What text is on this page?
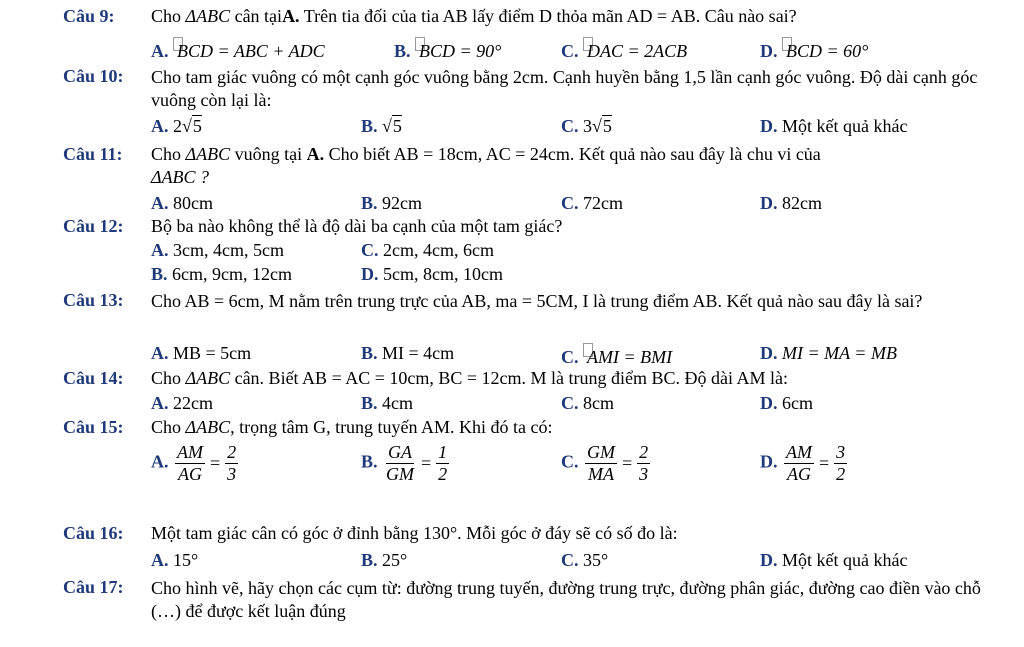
Câu 9: Cho ΔABC cân tạiA. Trên tia đối của tia AB lấy điểm D thỏa mãn AD = AB. Câu nào sai?
A. BCD = ABC + ADC	B. BCD = 90°	C. DAC = 2ACB	D. BCD = 60°
Câu 10: Cho tam giác vuông có một cạnh góc vuông bằng 2cm. Cạnh huyền bằng 1,5 lần cạnh góc vuông. Độ dài cạnh góc vuông còn lại là:
A. 2√5	B. √5	C. 3√5	D. Một kết quả khác
Câu 11: Cho ΔABC vuông tại A. Cho biết AB = 18cm, AC = 24cm. Kết quả nào sau đây là chu vi của
ΔABC ?
A. 80cm	B. 92cm	C. 72cm	D. 82cm
Câu 12: Bộ ba nào không thể là độ dài ba cạnh của một tam giác?
A. 3cm, 4cm, 5cm	C. 2cm, 4cm, 6cm
B. 6cm, 9cm, 12cm	D. 5cm, 8cm, 10cm
Câu 13: Cho AB = 6cm, M nằm trên trung trực của AB, ma = 5CM, I là trung điểm AB. Kết quả nào sau đây là sai?
A. MB = 5cm	B. MI = 4cm	C. AMI = BMI	D. MI = MA = MB
Câu 14: Cho ΔABC cân. Biết AB = AC = 10cm, BC = 12cm. M là trung điểm BC. Độ dài AM là:
A. 22cm	B. 4cm	C. 8cm	D. 6cm
Câu 15: Cho ΔABC, trọng tâm G, trung tuyến AM. Khi đó ta có:
A. $\frac{AM}{AG} = \frac{2}{3}$	B. $\frac{GA}{GM} = \frac{1}{2}$	C. $\frac{GM}{MA} = \frac{2}{3}$	D. $\frac{AM}{AG} = \frac{3}{2}$
Câu 16: Một tam giác cân có góc ở đỉnh bằng 130°. Mỗi góc ở đáy sẽ có số đo là:
A. 15°	B. 25°	C. 35°	D. Một kết quả khác
Câu 17: Cho hình vẽ, hãy chọn các cụm từ: đường trung tuyến, đường trung trực, đường phân giác, đường cao điền vào chỗ (…) để được kết luận đúng
